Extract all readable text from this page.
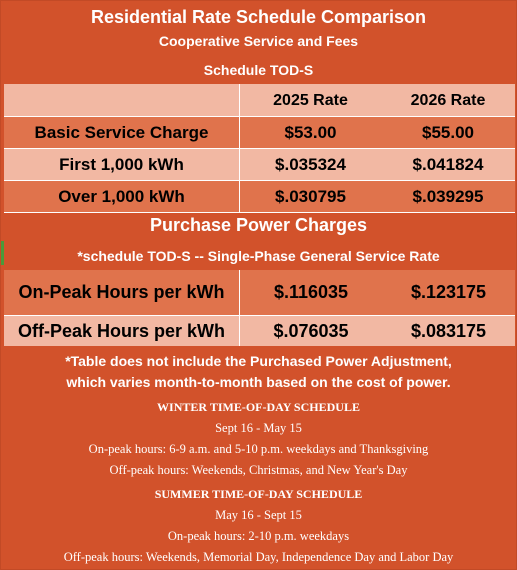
Residential Rate Schedule Comparison
Cooperative Service and Fees
Schedule TOD-S
2025 Rate	2026 Rate
Basic Service Charge	$53.00	$55.00
First 1,000 kWh	$.035324	$.041824
Over 1,000 kWh	$.030795	$.039295
Purchase Power Charges
*schedule TOD-S -- Single-Phase General Service Rate
On-Peak Hours per kWh	$.116035	$.123175
Off-Peak Hours per kWh	$.076035	$.083175
*Table does not include the Purchased Power Adjustment,
which varies month-to-month based on the cost of power.
WINTER TIME-OF-DAY SCHEDULE
Sept 16 - May 15
On-peak hours: 6-9 a.m. and 5-10 p.m. weekdays and Thanksgiving
Off-peak hours: Weekends, Christmas, and New Year's Day
SUMMER TIME-OF-DAY SCHEDULE
May 16 - Sept 15
On-peak hours: 2-10 p.m. weekdays
Off-peak hours: Weekends, Memorial Day, Independence Day and Labor Day
